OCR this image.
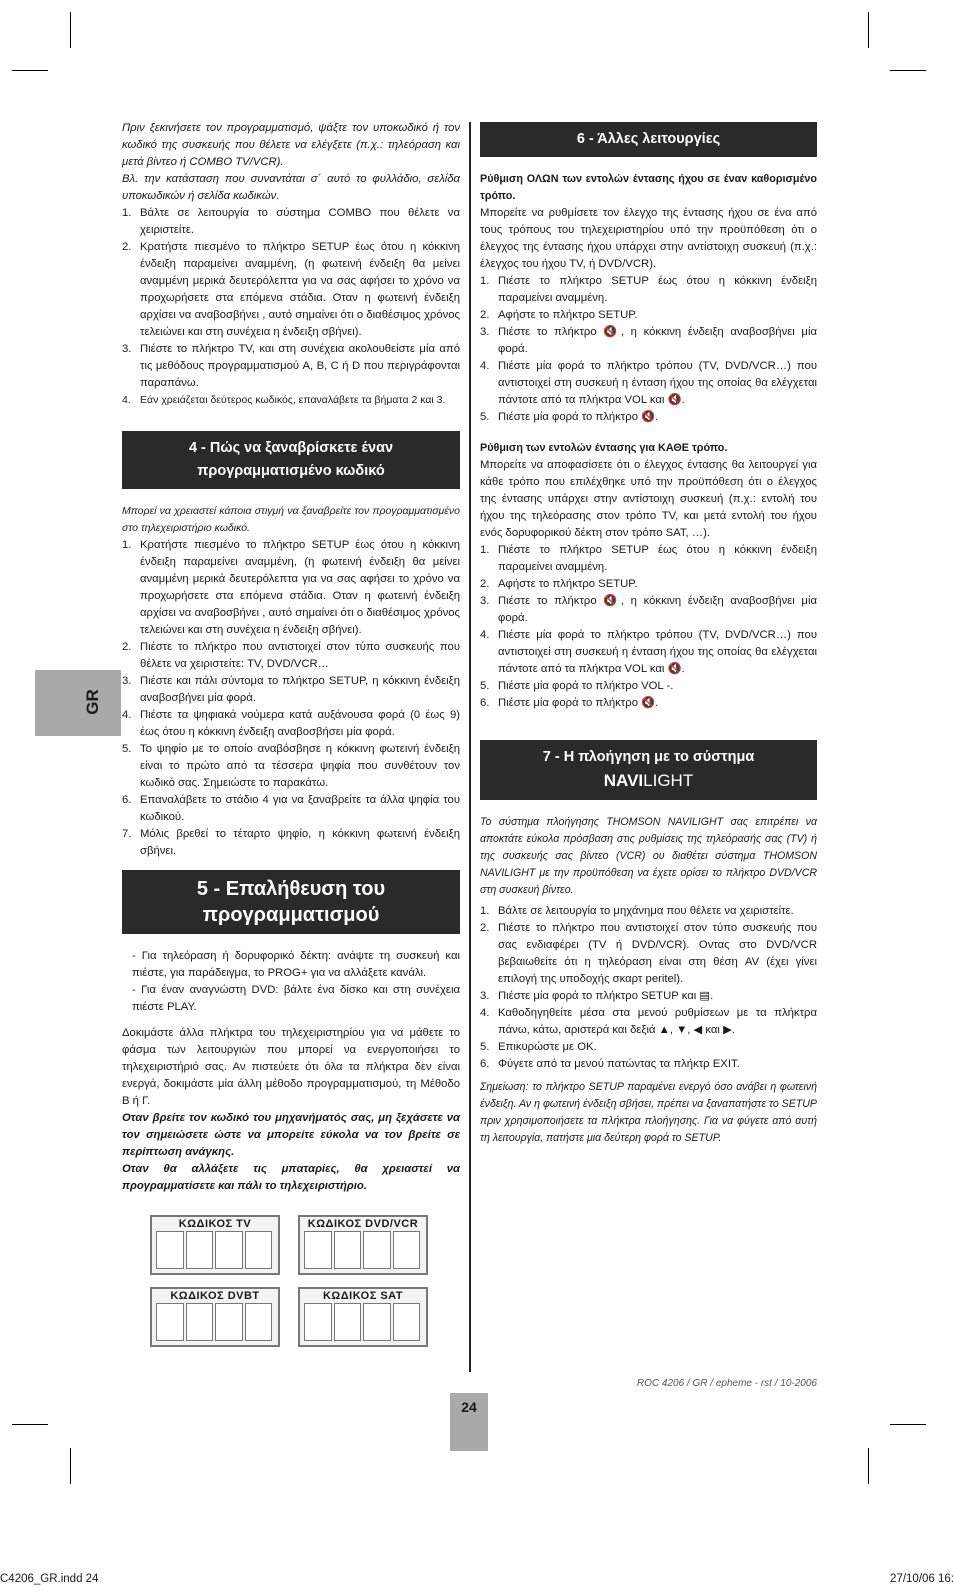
GR

Πριν ξεκινήσετε τον προγραμματισμό, ψάξτε τον υποκωδικό ή τον κωδικό της συσκευής που θέλετε να ελέγξετε (π.χ.: τηλεόραση και μετά βίντεο ή COMBO TV/VCR).

Βλ. την κατάσταση που συναντάται σ΄ αυτό το φυλλάδιο, σελίδα υποκωδικών ή σελίδα κωδικών.

1. Βάλτε σε λειτουργία το σύστημα COMBO που θέλετε να χειριστείτε.
2. Κρατήστε πιεσμένο το πλήκτρο SETUP έως ότου η κόκκινη ένδειξη παραμείνει αναμμένη, (η φωτεινή ένδειξη θα μείνει αναμμένη μερικά δευτερόλεπτα για να σας αφήσει το χρόνο να προχωρήσετε στα επόμενα στάδια. Οταν η φωτεινή ένδειξη αρχίσει να αναβοσβήνει , αυτό σημαίνει ότι ο διαθέσιμος χρόνος τελειώνει και στη συνέχεια η ένδειξη σβήνει).
3. Πιέστε το πλήκτρο TV, και στη συνέχεια ακολουθείστε μία από τις μεθόδους προγραμματισμού A, B, C ή D που περιγράφονται παραπάνω.
4. Εάν χρειάζεται δεύτερος κωδικός, επαναλάβετε τα βήματα 2 και 3.
4 - Πώς να ξαναβρίσκετε έναν προγραμματισμένο κωδικό

Μπορεί να χρειαστεί κάποια στιγμή να ξαναβρείτε τον προγραμματισμένο στο τηλεχειριστήριο κωδικό.

1. Κρατήστε πιεσμένο το πλήκτρο SETUP έως ότου η κόκκινη ένδειξη παραμείνει αναμμένη, (η φωτεινή ένδειξη θα μείνει αναμμένη μερικά δευτερόλεπτα για να σας αφήσει το χρόνο να προχωρήσετε στα επόμενα στάδια. Οταν η φωτεινή ένδειξη αρχίσει να αναβοσβήνει , αυτό σημαίνει ότι ο διαθέσιμος χρόνος τελειώνει και στη συνέχεια η ένδειξη σβήνει).
2. Πιέστε το πλήκτρο που αντιστοιχεί στον τύπο συσκευής που θέλετε να χειριστείτε: TV, DVD/VCR…
3. Πιέστε και πάλι σύντομα το πλήκτρο SETUP, η κόκκινη ένδειξη αναβοσβήνει μία φορά.
4. Πιέστε τα ψηφιακά νούμερα κατά αυξάνουσα φορά (0 έως 9) έως ότου η κόκκινη ένδειξη αναβοσβήσει μία φορά.
5. Το ψηφίο με το οποίο αναβόσβησε η κόκκινη φωτεινή ένδειξη είναι το πρώτο από τα τέσσερα ψηφία που συνθέτουν τον κωδικό σας. Σημειώστε το παρακάτω.
6. Επαναλάβετε το στάδιο 4 για να ξαναβρείτε τα άλλα ψηφία του κωδικού.
7. Μόλις βρεθεί το τέταρτο ψηφίο, η κόκκινη φωτεινή ένδειξη σβήνει.
5 - Επαλήθευση του προγραμματισμού
- Για τηλεόραση ή δορυφορικό δέκτη: ανάψτε τη συσκευή και πιέστε, για παράδειγμα, το PROG+ για να αλλάξετε κανάλι.
- Για έναν αναγνώστη DVD: βάλτε ένα δίσκο και στη συνέχεια πιέστε PLAY.

Δοκιμάστε άλλα πλήκτρα του τηλεχειριστηρίου για να μάθετε το φάσμα των λειτουργιών που μπορεί να ενεργοποιήσει το τηλεχειριστήριό σας. Αν πιστεύετε ότι όλα τα πλήκτρα δεν είναι ενεργά, δοκιμάστε μία άλλη μέθοδο προγραμματισμού, τη Μέθοδο Β ή Γ.

Οταν βρείτε τον κωδικό του μηχανήματός σας, μη ξεχάσετε να τον σημειώσετε ώστε να μπορείτε εύκολα να τον βρείτε σε περίπτωση ανάγκης.

Οταν θα αλλάξετε τις μπαταρίες, θα χρειαστεί να προγραμματίσετε και πάλι το τηλεχειριστήριο.

ΚΩΔΙΚΟΣ TV	ΚΩΔΙΚΟΣ DVD/VCR
ΚΩΔΙΚΟΣ DVBT	ΚΩΔΙΚΟΣ SAT
6 - Άλλες λειτουργίες

Ρύθμιση ΟΛΩΝ των εντολών έντασης ήχου σε έναν καθορισμένο τρόπο.

Μπορείτε να ρυθμίσετε τον έλεγχο της έντασης ήχου σε ένα από τους τρόπους του τηλεχειριστηρίου υπό την προϋπόθεση ότι ο έλεγχος της έντασης ήχου υπάρχει στην αντίστοιχη συσκευή (π.χ.: έλεγχος του ήχου TV, ή DVD/VCR).

1. Πιέστε το πλήκτρο SETUP έως ότου η κόκκινη ένδειξη παραμείνει αναμμένη.
2. Αφήστε το πλήκτρο SETUP.
3. Πιέστε το πλήκτρο 🔇, η κόκκινη ένδειξη αναβοσβήνει μία φορά.
4. Πιέστε μία φορά το πλήκτρο τρόπου (TV, DVD/VCR…) που αντιστοιχεί στη συσκευή η ένταση ήχου της οποίας θα ελέγχεται πάντοτε από τα πλήκτρα VOL και 🔇.
5. Πιέστε μία φορά το πλήκτρο 🔇.

Ρύθμιση των εντολών έντασης για ΚΑΘΕ τρόπο.

Μπορείτε να αποφασίσετε ότι ο έλεγχος έντασης θα λειτουργεί για κάθε τρόπο που επιλέχθηκε υπό την προϋπόθεση ότι ο έλεγχος της έντασης υπάρχει στην αντίστοιχη συσκευή (π.χ.: εντολή του ήχου της τηλεόρασης στον τρόπο TV, και μετά εντολή του ήχου ενός δορυφορικού δέκτη στον τρόπο SAT, …).

1. Πιέστε το πλήκτρο SETUP έως ότου η κόκκινη ένδειξη παραμείνει αναμμένη.
2. Αφήστε το πλήκτρο SETUP.
3. Πιέστε το πλήκτρο 🔇, η κόκκινη ένδειξη αναβοσβήνει μία φορά.
4. Πιέστε μία φορά το πλήκτρο τρόπου (TV, DVD/VCR…) που αντιστοιχεί στη συσκευή η ένταση ήχου της οποίας θα ελέγχεται πάντοτε από τα πλήκτρα VOL και 🔇.
5. Πιέστε μία φορά το πλήκτρο VOL -.
6. Πιέστε μία φορά το πλήκτρο 🔇.
7 - Η πλοήγηση με το σύστημα
NAVILIGHT

Το σύστημα πλοήγησης THOMSON NAVILIGHT σας επιτρέπει να αποκτάτε εύκολα πρόσβαση στις ρυθμίσεις της τηλεόρασής σας (TV) ή της συσκευής σας βίντεο (VCR) ου διαθέτει σύστημα THOMSON NAVILIGHT με την προϋπόθεση να έχετε ορίσει το πλήκτρο DVD/VCR στη συσκευή βίντεο.

1. Βάλτε σε λειτουργία το μηχάνημα που θέλετε να χειριστείτε.
2. Πιέστε το πλήκτρο που αντιστοιχεί στον τύπο συσκευής που σας ενδιαφέρει (TV ή DVD/VCR). Οντας στο DVD/VCR βεβαιωθείτε ότι η τηλεόραση είναι στη θέση AV (έχει γίνει επιλογή της υποδοχής σκαρτ peritel).
3. Πιέστε μία φορά το πλήκτρο SETUP και ▤.
4. Καθοδηγηθείτε μέσα στα μενού ρυθμίσεων με τα πλήκτρα πάνω, κάτω, αριστερά και δεξιά ▲, ▼, ◀ και ▶.
5. Επικυρώστε με OK.
6. Φύγετε από τα μενού πατώντας τα πλήκτρ EXIT.

Σημείωση: το πλήκτρο SETUP παραμένει ενεργό όσο ανάβει η φωτεινή ένδειξη. Αν η φωτεινή ένδειξη σβήσει, πρέπει να ξαναπατήστε το SETUP πριν χρησιμοποιήσετε τα πλήκτρα πλοήγησης. Για να φύγετε από αυτή τη λειτουργία, πατήστε μια δεύτερη φορά το SETUP.

ROC 4206 / GR / epheme - rst / 10-2006
24
C4206_GR.indd 24	27/10/06 16:
